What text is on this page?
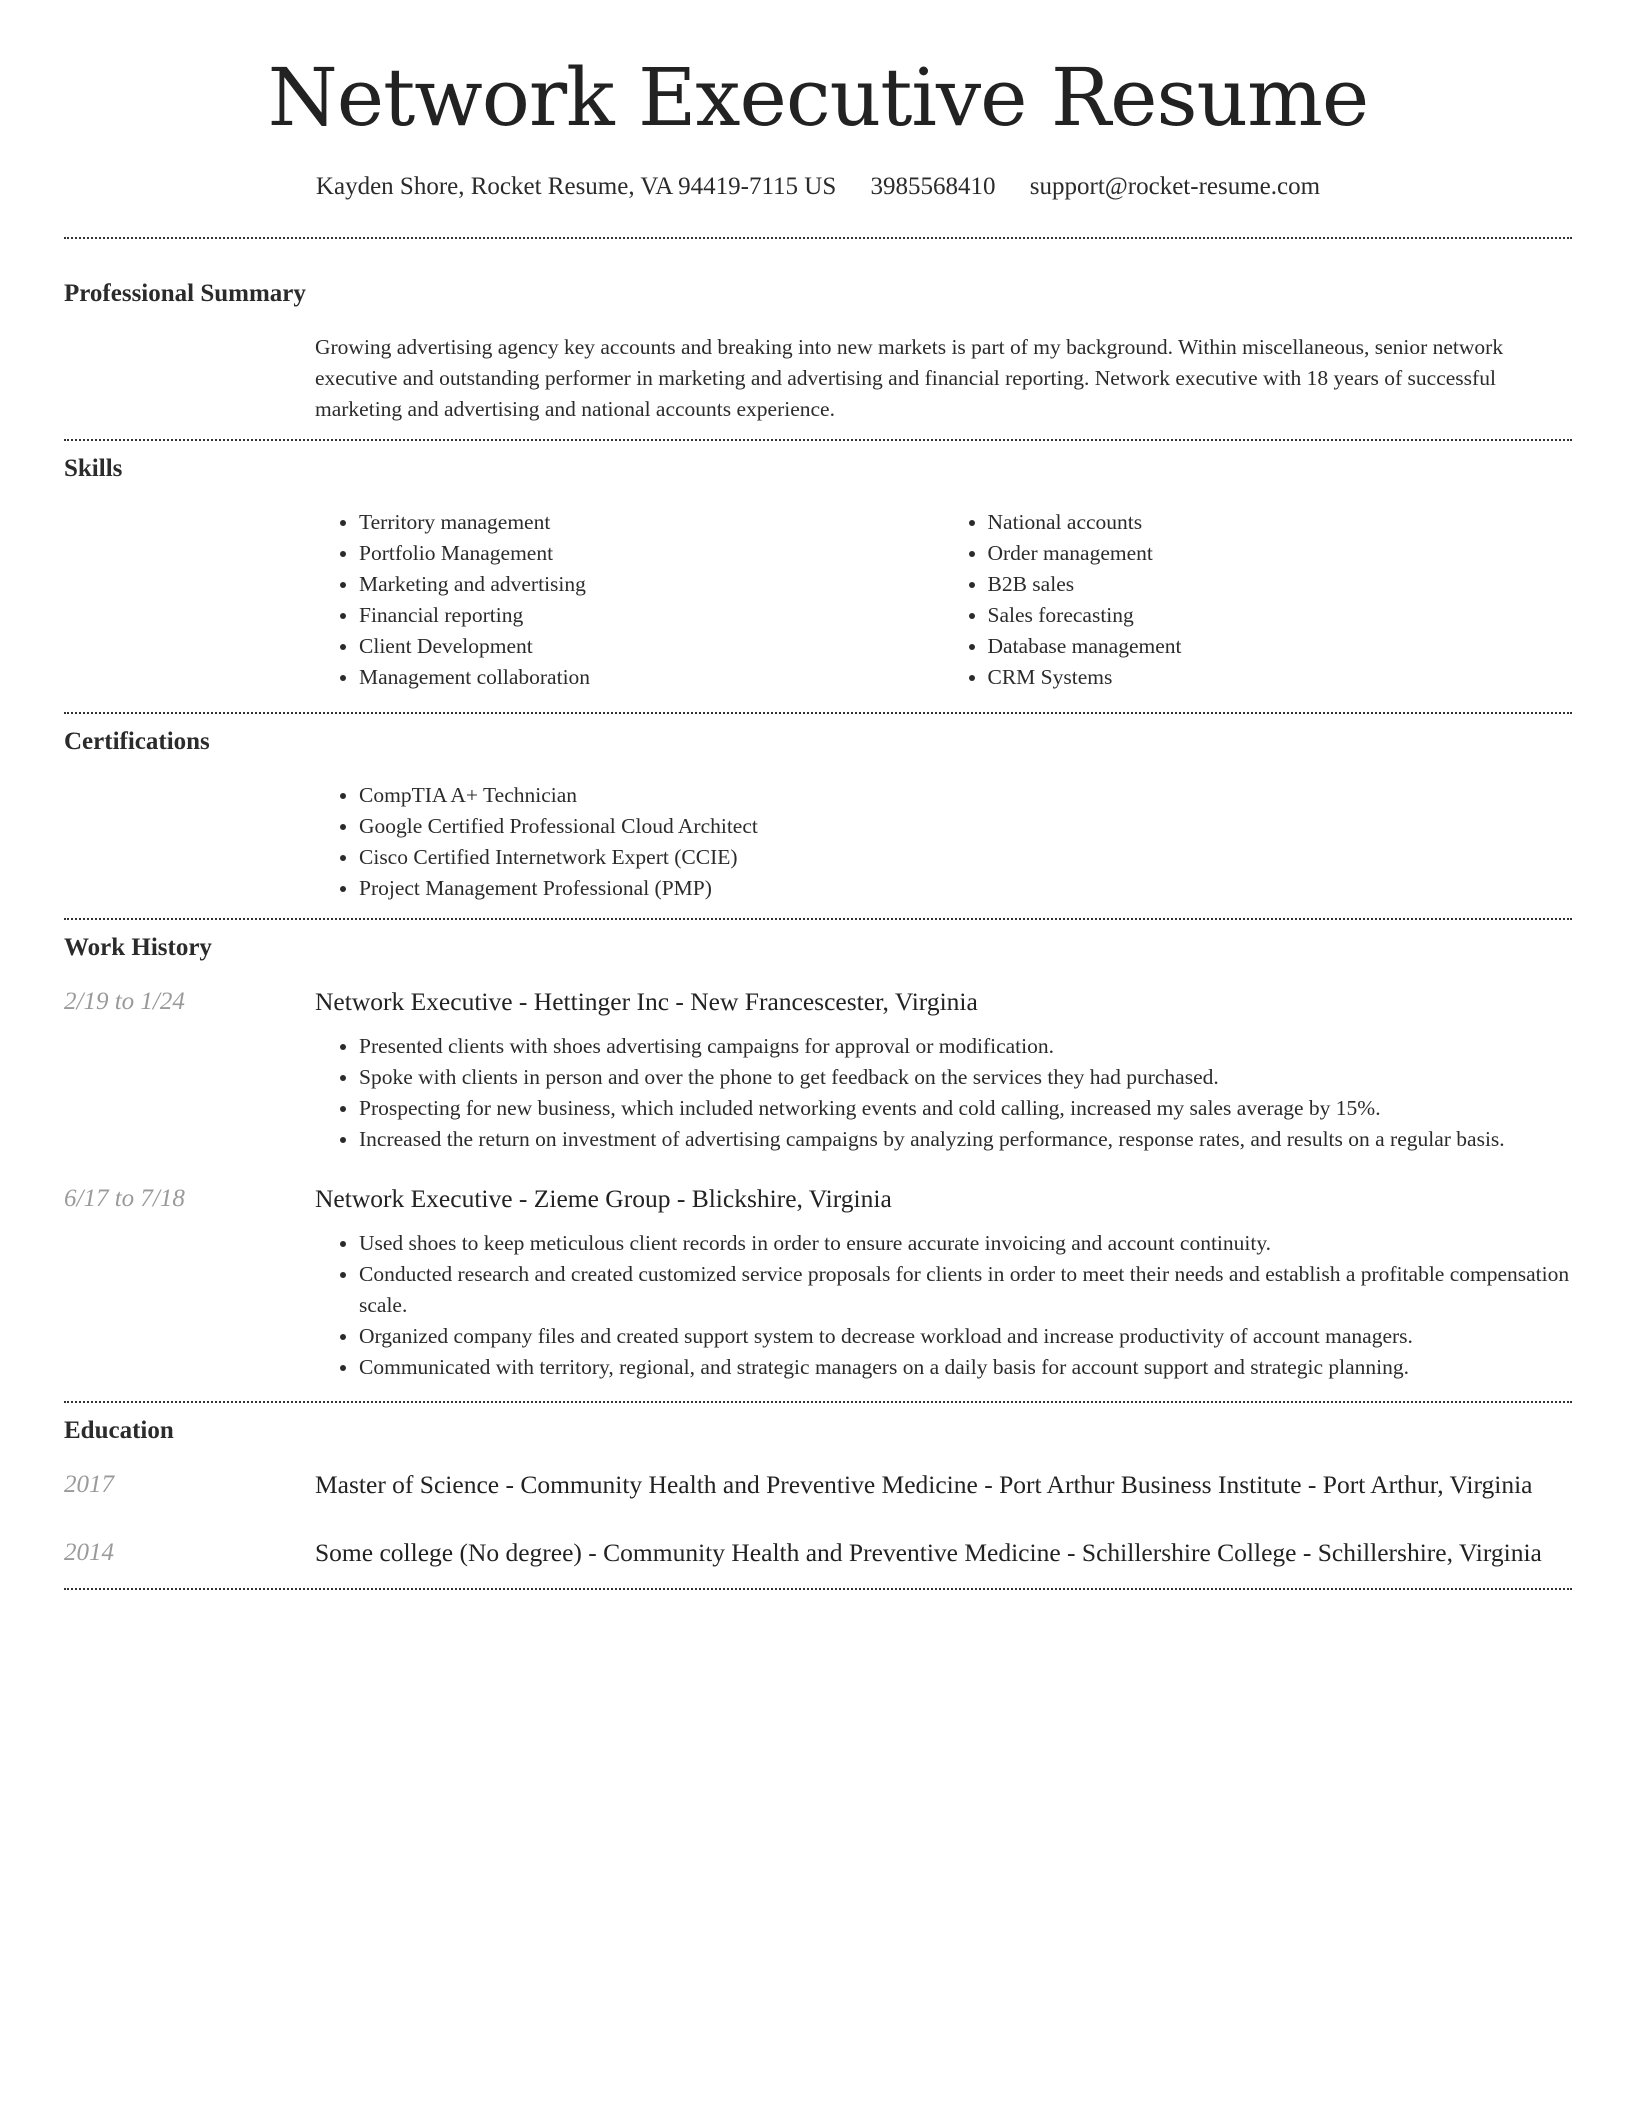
Network Executive Resume
Kayden Shore, Rocket Resume, VA 94419-7115 US 3985568410 support@rocket-resume.com
Professional Summary
Growing advertising agency key accounts and breaking into new markets is part of my background. Within miscellaneous, senior network executive and outstanding performer in marketing and advertising and financial reporting. Network executive with 18 years of successful marketing and advertising and national accounts experience.
Skills
• Territory management
• Portfolio Management
• Marketing and advertising
• Financial reporting
• Client Development
• Management collaboration
• National accounts
• Order management
• B2B sales
• Sales forecasting
• Database management
• CRM Systems
Certifications
• CompTIA A+ Technician
• Google Certified Professional Cloud Architect
• Cisco Certified Internetwork Expert (CCIE)
• Project Management Professional (PMP)
Work History
2/19 to 1/24	Network Executive - Hettinger Inc - New Francescester, Virginia
• Presented clients with shoes advertising campaigns for approval or modification.
• Spoke with clients in person and over the phone to get feedback on the services they had purchased.
• Prospecting for new business, which included networking events and cold calling, increased my sales average by 15%.
• Increased the return on investment of advertising campaigns by analyzing performance, response rates, and results on a regular basis.
6/17 to 7/18	Network Executive - Zieme Group - Blickshire, Virginia
• Used shoes to keep meticulous client records in order to ensure accurate invoicing and account continuity.
• Conducted research and created customized service proposals for clients in order to meet their needs and establish a profitable compensation scale.
• Organized company files and created support system to decrease workload and increase productivity of account managers.
• Communicated with territory, regional, and strategic managers on a daily basis for account support and strategic planning.
Education
2017	Master of Science - Community Health and Preventive Medicine - Port Arthur Business Institute - Port Arthur, Virginia
2014	Some college (No degree) - Community Health and Preventive Medicine - Schillershire College - Schillershire, Virginia
